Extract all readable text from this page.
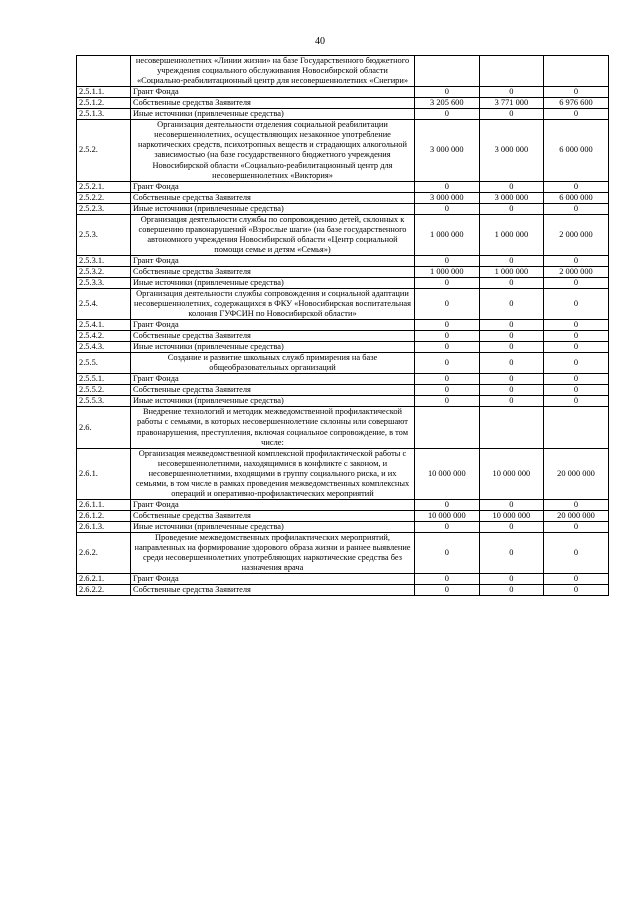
40
	несовершеннолетних «Линии жизни» на базе Государственного бюджетного учреждения социального обслуживания Новосибирской области «Социально-реабилитационный центр для несовершеннолетних «Снегири»			
2.5.1.1.	Грант Фонда	0	0	0
2.5.1.2.	Собственные средства Заявителя	3 205 600	3 771 000	6 976 600
2.5.1.3.	Иные источники (привлеченные средства)	0	0	0
2.5.2.	Организация деятельности отделения социальной реабилитации несовершеннолетних, осуществляющих незаконное употребление наркотических средств, психотропных веществ и страдающих алкогольной зависимостью (на базе государственного бюджетного учреждения Новосибирской области «Социально-реабилитационный центр для несовершеннолетних «Виктория»	3 000 000	3 000 000	6 000 000
2.5.2.1.	Грант Фонда	0	0	0
2.5.2.2.	Собственные средства Заявителя	3 000 000	3 000 000	6 000 000
2.5.2.3.	Иные источники (привлеченные средства)	0	0	0
2.5.3.	Организация деятельности службы по сопровождению детей, склонных к совершению правонарушений «Взрослые шаги» (на базе государственного автономного учреждения Новосибирской области «Центр социальной помощи семье и детям «Семья»)	1 000 000	1 000 000	2 000 000
2.5.3.1.	Грант Фонда	0	0	0
2.5.3.2.	Собственные средства Заявителя	1 000 000	1 000 000	2 000 000
2.5.3.3.	Иные источники (привлеченные средства)	0	0	0
2.5.4.	Организация деятельности службы сопровождения и социальной адаптации несовершеннолетних, содержащихся в ФКУ «Новосибирская воспитательная колония ГУФСИН по Новосибирской области»	0	0	0
2.5.4.1.	Грант Фонда	0	0	0
2.5.4.2.	Собственные средства Заявителя	0	0	0
2.5.4.3.	Иные источники (привлеченные средства)	0	0	0
2.5.5.	Создание и развитие школьных служб примирения на базе общеобразовательных организаций	0	0	0
2.5.5.1.	Грант Фонда	0	0	0
2.5.5.2.	Собственные средства Заявителя	0	0	0
2.5.5.3.	Иные источники (привлеченные средства)	0	0	0
2.6.	Внедрение технологий и методик межведомственной профилактической работы с семьями, в которых несовершеннолетние склонны или совершают правонарушения, преступления, включая социальное сопровождение, в том числе:			
2.6.1.	Организация межведомственной комплексной профилактической работы с несовершеннолетними, находящимися в конфликте с законом, и несовершеннолетними, входящими в группу социального риска, и их семьями, в том числе в рамках проведения межведомственных комплексных операций и оперативно-профилактических мероприятий	10 000 000	10 000 000	20 000 000
2.6.1.1.	Грант Фонда	0	0	0
2.6.1.2.	Собственные средства Заявителя	10 000 000	10 000 000	20 000 000
2.6.1.3.	Иные источники (привлеченные средства)	0	0	0
2.6.2.	Проведение межведомственных профилактических мероприятий, направленных на формирование здорового образа жизни и раннее выявление среди несовершеннолетних употребляющих наркотические средства без назначения врача	0	0	0
2.6.2.1.	Грант Фонда	0	0	0
2.6.2.2.	Собственные средства Заявителя	0	0	0
